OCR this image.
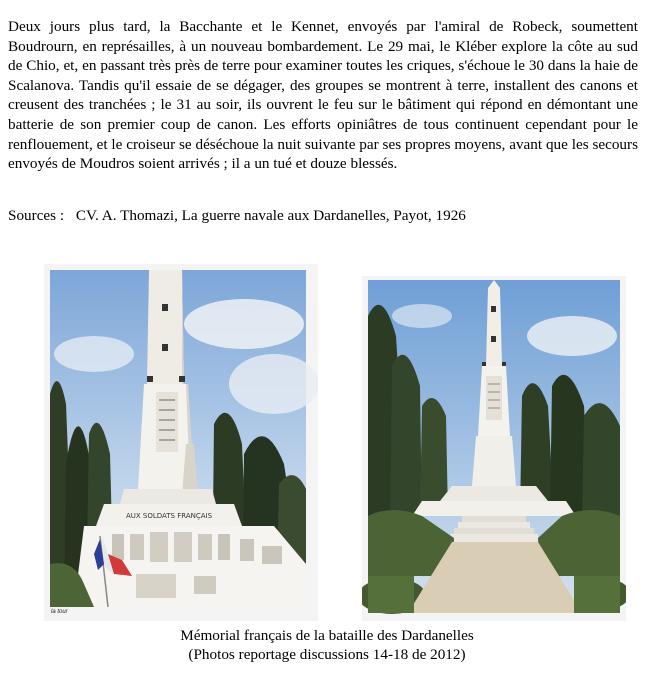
Deux jours plus tard, la Bacchante et le Kennet, envoyés par l'amiral de Robeck, soumettent Boudrourn, en représailles, à un nouveau bombardement. Le 29 mai, le Kléber explore la côte au sud de Chio, et, en passant très près de terre pour examiner toutes les criques, s'échoue le 30 dans la haie de Scalanova. Tandis qu'il essaie de se dégager, des groupes se montrent à terre, installent des canons et creusent des tranchées ; le 31 au soir, ils ouvrent le feu sur le bâtiment qui répond en démontant une batterie de son premier coup de canon. Les efforts opiniâtres de tous continuent cependant pour le renflouement, et le croiseur se déséchoue la nuit suivante par ses propres moyens, avant que les secours envoyés de Moudros soient arrivés ; il a un tué et douze blessés.

Sources : CV. A. Thomazi, La guerre navale aux Dardanelles, Payot, 1926
AUX SOLDATS FRANÇAIS
la tour
Mémorial français de la bataille des Dardanelles
(Photos reportage discussions 14-18 de 2012)
